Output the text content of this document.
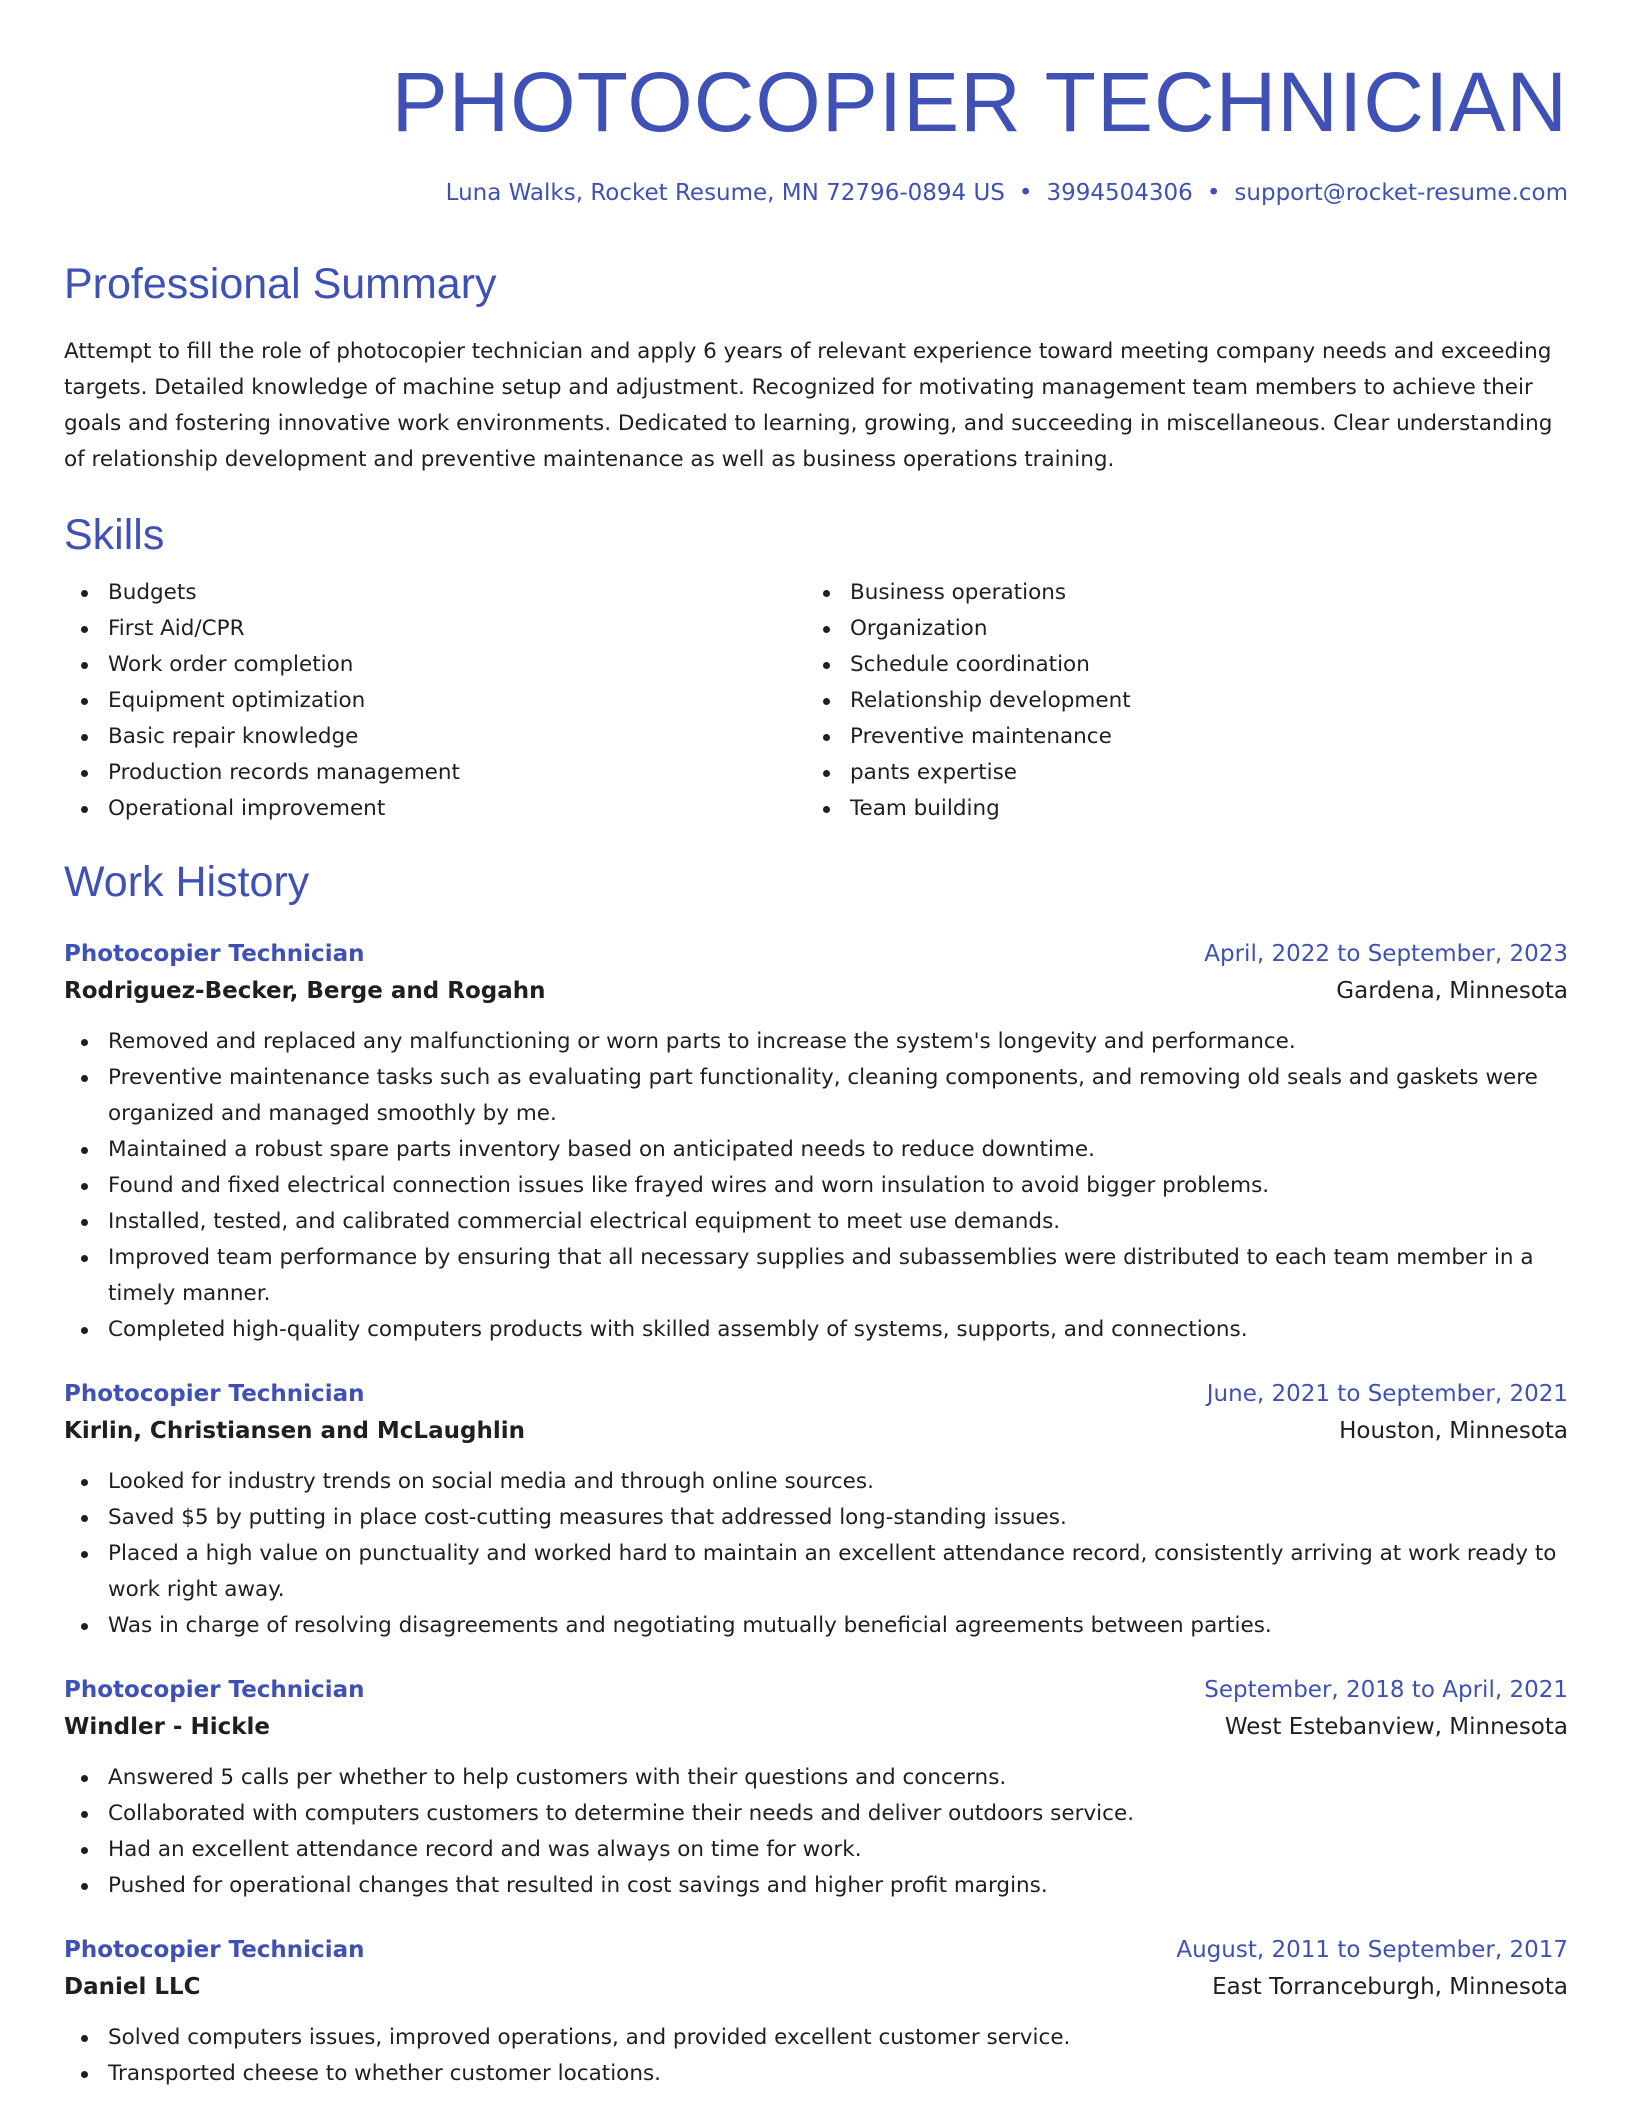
PHOTOCOPIER TECHNICIAN
Luna Walks, Rocket Resume, MN 72796-0894 US • 3994504306 • support@rocket-resume.com
Professional Summary

Attempt to fill the role of photocopier technician and apply 6 years of relevant experience toward meeting company needs and exceeding targets. Detailed knowledge of machine setup and adjustment. Recognized for motivating management team members to achieve their goals and fostering innovative work environments. Dedicated to learning, growing, and succeeding in miscellaneous. Clear understanding of relationship development and preventive maintenance as well as business operations training.

Skills
Budgets
First Aid/CPR
Work order completion
Equipment optimization
Basic repair knowledge
Production records management
Operational improvement
Business operations
Organization
Schedule coordination
Relationship development
Preventive maintenance
pants expertise
Team building
Work History
Photocopier Technician	April, 2022 to September, 2023
Rodriguez-Becker, Berge and Rogahn	Gardena, Minnesota
Removed and replaced any malfunctioning or worn parts to increase the system's longevity and performance.
Preventive maintenance tasks such as evaluating part functionality, cleaning components, and removing old seals and gaskets were organized and managed smoothly by me.
Maintained a robust spare parts inventory based on anticipated needs to reduce downtime.
Found and fixed electrical connection issues like frayed wires and worn insulation to avoid bigger problems.
Installed, tested, and calibrated commercial electrical equipment to meet use demands.
Improved team performance by ensuring that all necessary supplies and subassemblies were distributed to each team member in a timely manner.
Completed high-quality computers products with skilled assembly of systems, supports, and connections.
Photocopier Technician	June, 2021 to September, 2021
Kirlin, Christiansen and McLaughlin	Houston, Minnesota
Looked for industry trends on social media and through online sources.
Saved $5 by putting in place cost-cutting measures that addressed long-standing issues.
Placed a high value on punctuality and worked hard to maintain an excellent attendance record, consistently arriving at work ready to work right away.
Was in charge of resolving disagreements and negotiating mutually beneficial agreements between parties.
Photocopier Technician	September, 2018 to April, 2021
Windler - Hickle	West Estebanview, Minnesota
Answered 5 calls per whether to help customers with their questions and concerns.
Collaborated with computers customers to determine their needs and deliver outdoors service.
Had an excellent attendance record and was always on time for work.
Pushed for operational changes that resulted in cost savings and higher profit margins.
Photocopier Technician	August, 2011 to September, 2017
Daniel LLC	East Torranceburgh, Minnesota
Solved computers issues, improved operations, and provided excellent customer service.
Transported cheese to whether customer locations.
